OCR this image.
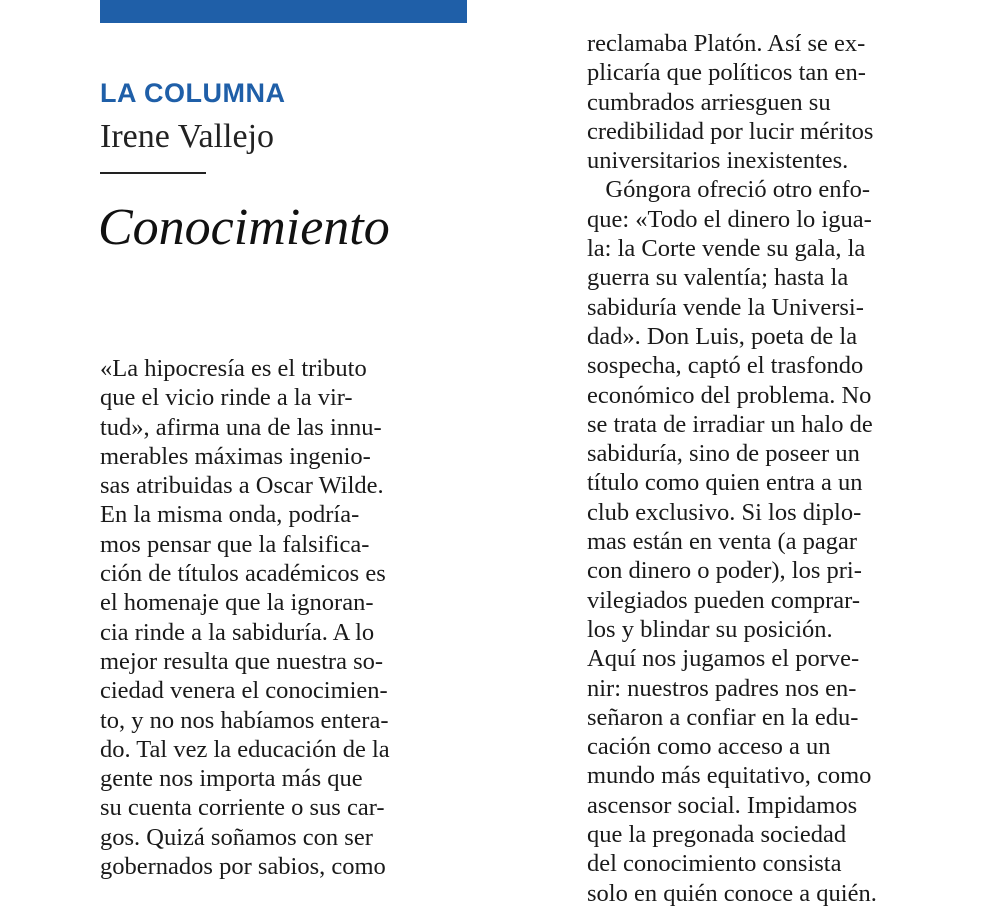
LA COLUMNA
Irene Vallejo
Conocimiento
«La hipocresía es el tributo
que el vicio rinde a la vir-
tud», afirma una de las innu-
merables máximas ingenio-
sas atribuidas a Oscar Wilde.
En la misma onda, podría-
mos pensar que la falsifica-
ción de títulos académicos es
el homenaje que la ignoran-
cia rinde a la sabiduría. A lo
mejor resulta que nuestra so-
ciedad venera el conocimien-
to, y no nos habíamos entera-
do. Tal vez la educación de la
gente nos importa más que
su cuenta corriente o sus car-
gos. Quizá soñamos con ser
gobernados por sabios, como
reclamaba Platón. Así se ex-
plicaría que políticos tan en-
cumbrados arriesguen su
credibilidad por lucir méritos
universitarios inexistentes.
Góngora ofreció otro enfo-
que: «Todo el dinero lo igua-
la: la Corte vende su gala, la
guerra su valentía; hasta la
sabiduría vende la Universi-
dad». Don Luis, poeta de la
sospecha, captó el trasfondo
económico del problema. No
se trata de irradiar un halo de
sabiduría, sino de poseer un
título como quien entra a un
club exclusivo. Si los diplo-
mas están en venta (a pagar
con dinero o poder), los pri-
vilegiados pueden comprar-
los y blindar su posición.
Aquí nos jugamos el porve-
nir: nuestros padres nos en-
señaron a confiar en la edu-
cación como acceso a un
mundo más equitativo, como
ascensor social. Impidamos
que la pregonada sociedad
del conocimiento consista
solo en quién conoce a quién.
